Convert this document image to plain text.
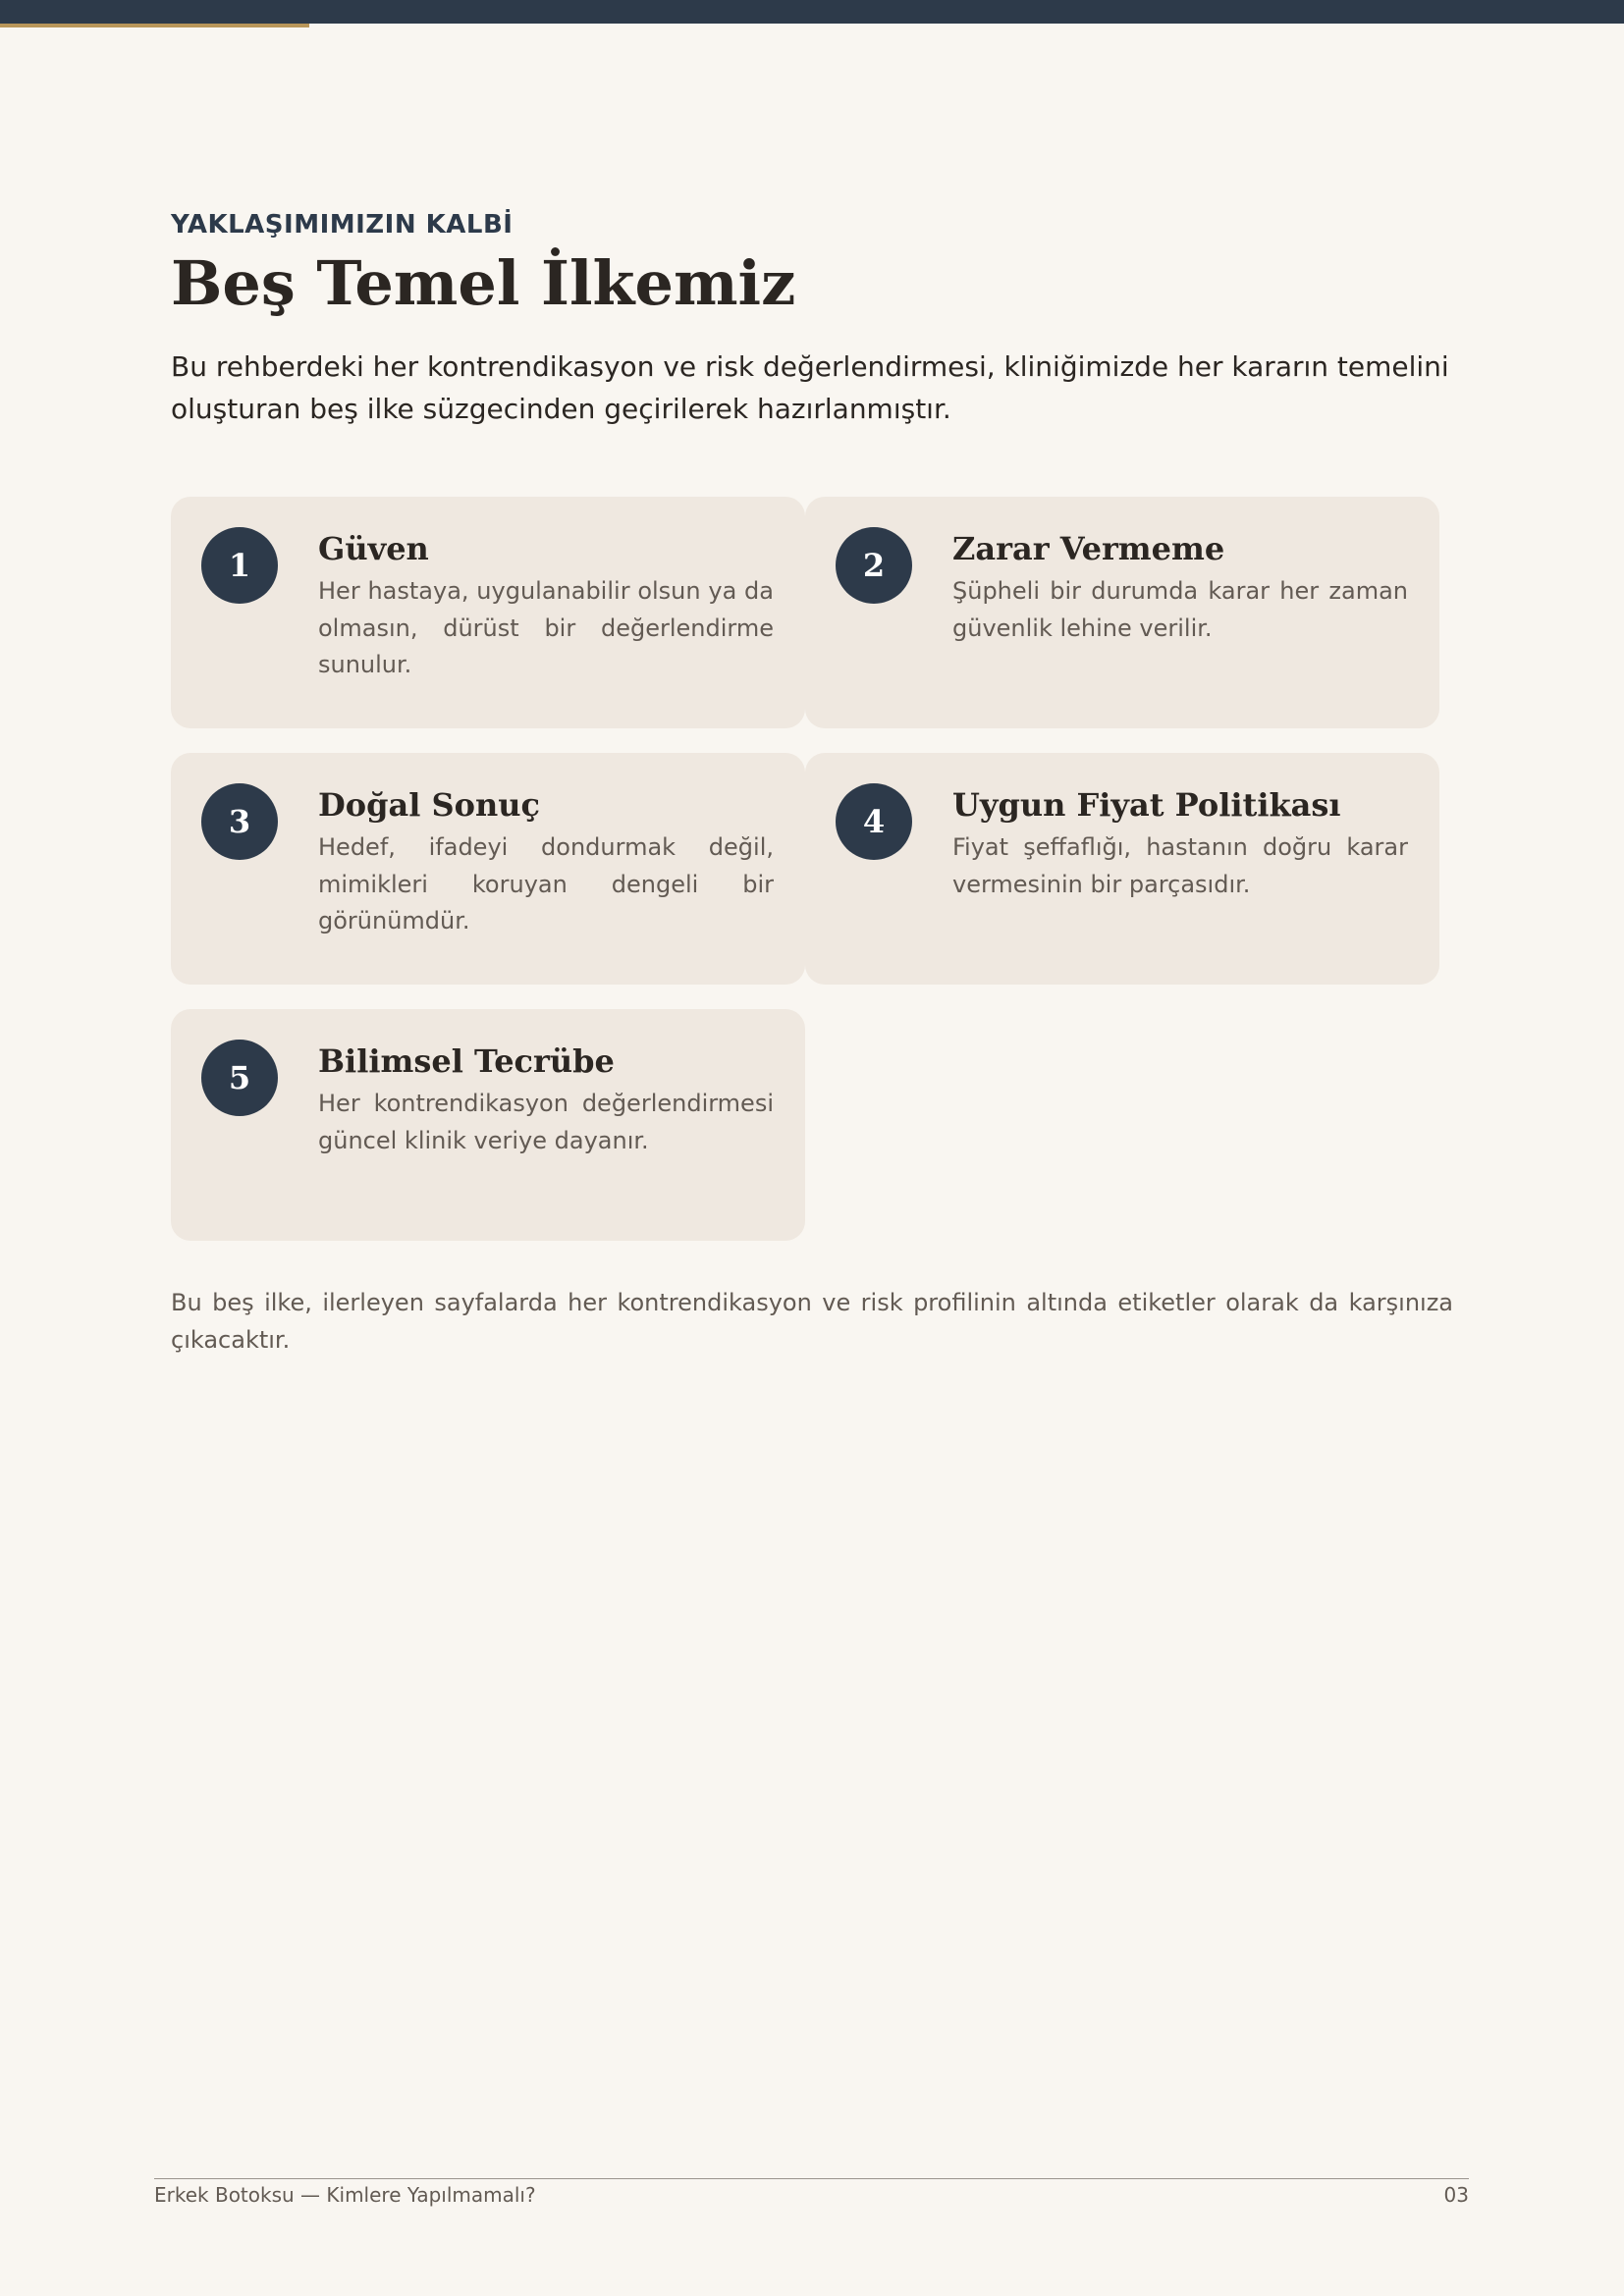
YAKLAŞIMIMIZIN KALBİ
Beş Temel İlkemiz

Bu rehberdeki her kontrendikasyon ve risk değerlendirmesi, kliniğimizde her kararın temelini oluşturan beş ilke süzgecinden geçirilerek hazırlanmıştır.

1	Güven
Her hastaya, uygulanabilir olsun ya da olmasın, dürüst bir değerlendirme sunulur.
2	Zarar Vermeme
Şüpheli bir durumda karar her zaman güvenlik lehine verilir.
3	Doğal Sonuç
Hedef, ifadeyi dondurmak değil, mimikleri koruyan dengeli bir görünümdür.
4	Uygun Fiyat Politikası
Fiyat şeffaflığı, hastanın doğru karar vermesinin bir parçasıdır.
5	Bilimsel Tecrübe
Her kontrendikasyon değerlendirmesi güncel klinik veriye dayanır.

Bu beş ilke, ilerleyen sayfalarda her kontrendikasyon ve risk profilinin altında etiketler olarak da karşınıza çıkacaktır.

Erkek Botoksu — Kimlere Yapılmamalı?	03
